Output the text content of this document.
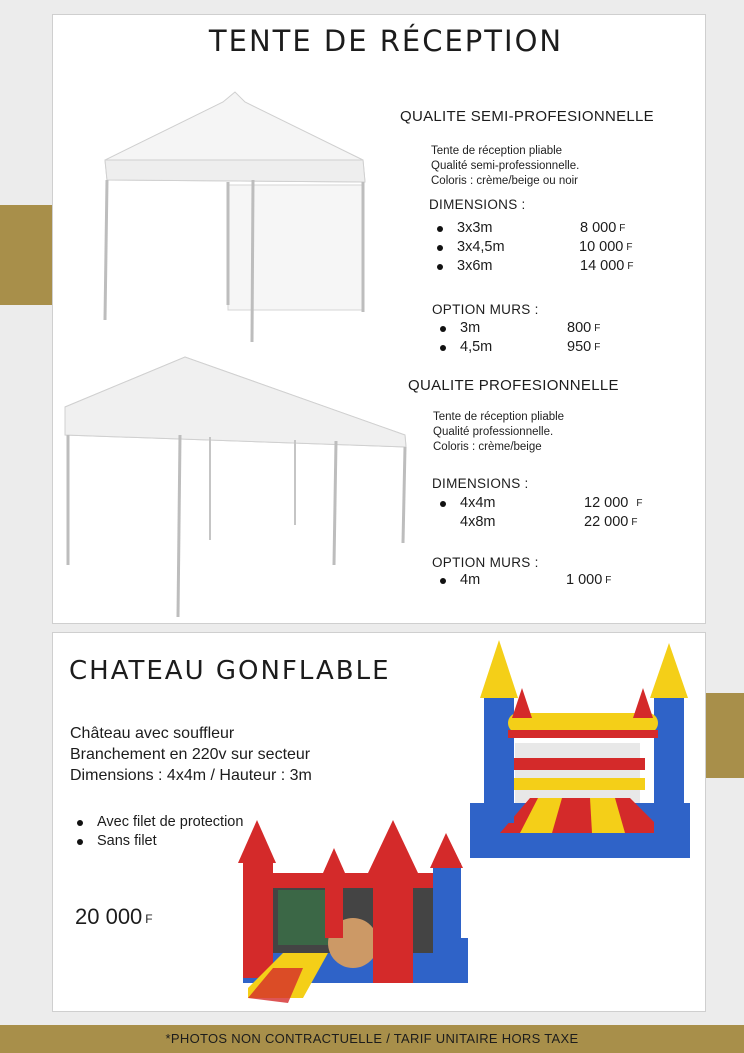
TENTE DE RÉCEPTION
QUALITE SEMI-PROFESIONNELLE
Tente de réception pliable
Qualité semi-professionnelle.
Coloris : crème/beige ou noir
DIMENSIONS :
3x3m	8 000 F
3x4,5m	10 000 F
3x6m	14 000 F
OPTION MURS :
3m	800 F
4,5m	950 F
QUALITE PROFESIONNELLE
Tente de réception pliable
Qualité professionnelle.
Coloris : crème/beige
DIMENSIONS :
4x4m	12 000 F
4x8m	22 000 F
OPTION MURS :
4m	1 000 F
CHATEAU GONFLABLE
Château avec souffleur
Branchement en 220v sur secteur
Dimensions : 4x4m / Hauteur : 3m
Avec filet de protection
Sans filet
20 000 F
*PHOTOS NON CONTRACTUELLE / TARIF UNITAIRE HORS TAXE
